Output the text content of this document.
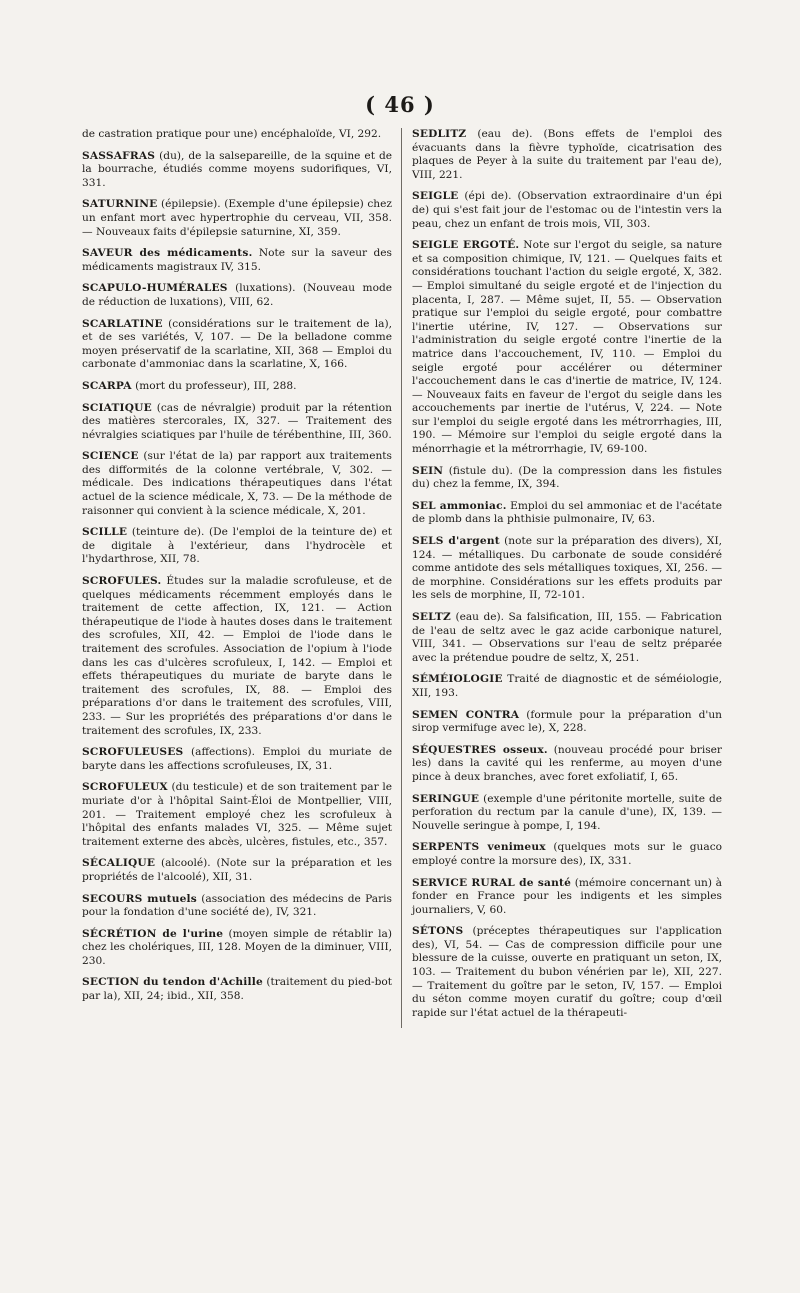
( 46 )

de castration pratique pour une) encéphaloïde, VI, 292.

SASSAFRAS (du), de la salsepareille, de la squine et de la bourrache, étudiés comme moyens sudorifiques, VI, 331.

SATURNINE (épilepsie). (Exemple d'une épilepsie) chez un enfant mort avec hypertrophie du cerveau, VII, 358. — Nouveaux faits d'épilepsie saturnine, XI, 359.

SAVEUR des médicaments. Note sur la saveur des médicaments magistraux IV, 315.

SCAPULO-HUMÉRALES (luxations). (Nouveau mode de réduction de luxations), VIII, 62.

SCARLATINE (considérations sur le traitement de la), et de ses variétés, V, 107. — De la belladone comme moyen préservatif de la scarlatine, XII, 368 — Emploi du carbonate d'ammoniac dans la scarlatine, X, 166.

SCARPA (mort du professeur), III, 288.

SCIATIQUE (cas de névralgie) produit par la rétention des matières stercorales, IX, 327. — Traitement des névralgies sciatiques par l'huile de térébenthine, III, 360.

SCIENCE (sur l'état de la) par rapport aux traitements des difformités de la colonne vertébrale, V, 302. — médicale. Des indications thérapeutiques dans l'état actuel de la science médicale, X, 73. — De la méthode de raisonner qui convient à la science médicale, X, 201.

SCILLE (teinture de). (De l'emploi de la teinture de) et de digitale à l'extérieur, dans l'hydrocèle et l'hydarthrose, XII, 78.

SCROFULES. Études sur la maladie scrofuleuse, et de quelques médicaments récemment employés dans le traitement de cette affection, IX, 121. — Action thérapeutique de l'iode à hautes doses dans le traitement des scrofules, XII, 42. — Emploi de l'iode dans le traitement des scrofules. Association de l'opium à l'iode dans les cas d'ulcères scrofuleux, I, 142. — Emploi et effets thérapeutiques du muriate de baryte dans le traitement des scrofules, IX, 88. — Emploi des préparations d'or dans le traitement des scrofules, VIII, 233. — Sur les propriétés des préparations d'or dans le traitement des scrofules, IX, 233.

SCROFULEUSES (affections). Emploi du muriate de baryte dans les affections scrofuleuses, IX, 31.

SCROFULEUX (du testicule) et de son traitement par le muriate d'or à l'hôpital Saint-Éloi de Montpellier, VIII, 201. — Traitement employé chez les scrofuleux à l'hôpital des enfants malades VI, 325. — Même sujet traitement externe des abcès, ulcères, fistules, etc., 357.

SÉCALIQUE (alcoolé). (Note sur la préparation et les propriétés de l'alcoolé), XII, 31.

SECOURS mutuels (association des médecins de Paris pour la fondation d'une société de), IV, 321.

SÉCRÉTION de l'urine (moyen simple de rétablir la) chez les cholériques, III, 128. Moyen de la diminuer, VIII, 230.

SECTION du tendon d'Achille (traitement du pied-bot par la), XII, 24; ibid., XII, 358.

SEDLITZ (eau de). (Bons effets de l'emploi des évacuants dans la fièvre typhoïde, cicatrisation des plaques de Peyer à la suite du traitement par l'eau de), VIII, 221.

SEIGLE (épi de). (Observation extraordinaire d'un épi de) qui s'est fait jour de l'estomac ou de l'intestin vers la peau, chez un enfant de trois mois, VII, 303.

SEIGLE ERGOTÉ. Note sur l'ergot du seigle, sa nature et sa composition chimique, IV, 121. — Quelques faits et considérations touchant l'action du seigle ergoté, X, 382. — Emploi simultané du seigle ergoté et de l'injection du placenta, I, 287. — Même sujet, II, 55. — Observation pratique sur l'emploi du seigle ergoté, pour combattre l'inertie utérine, IV, 127. — Observations sur l'administration du seigle ergoté contre l'inertie de la matrice dans l'accouchement, IV, 110. — Emploi du seigle ergoté pour accélérer ou déterminer l'accouchement dans le cas d'inertie de matrice, IV, 124. — Nouveaux faits en faveur de l'ergot du seigle dans les accouchements par inertie de l'utérus, V, 224. — Note sur l'emploi du seigle ergoté dans les métrorrhagies, III, 190. — Mémoire sur l'emploi du seigle ergoté dans la ménorrhagie et la métrorrhagie, IV, 69-100.

SEIN (fistule du). (De la compression dans les fistules du) chez la femme, IX, 394.

SEL ammoniac. Emploi du sel ammoniac et de l'acétate de plomb dans la phthisie pulmonaire, IV, 63.

SELS d'argent (note sur la préparation des divers), XI, 124. — métalliques. Du carbonate de soude considéré comme antidote des sels métalliques toxiques, XI, 256. — de morphine. Considérations sur les effets produits par les sels de morphine, II, 72-101.

SELTZ (eau de). Sa falsification, III, 155. — Fabrication de l'eau de seltz avec le gaz acide carbonique naturel, VIII, 341. — Observations sur l'eau de seltz préparée avec la prétendue poudre de seltz, X, 251.

SÉMÉIOLOGIE Traité de diagnostic et de séméiologie, XII, 193.

SEMEN CONTRA (formule pour la préparation d'un sirop vermifuge avec le), X, 228.

SÉQUESTRES osseux. (nouveau procédé pour briser les) dans la cavité qui les renferme, au moyen d'une pince à deux branches, avec foret exfoliatif, I, 65.

SERINGUE (exemple d'une péritonite mortelle, suite de perforation du rectum par la canule d'une), IX, 139. — Nouvelle seringue à pompe, I, 194.

SERPENTS venimeux (quelques mots sur le guaco employé contre la morsure des), IX, 331.

SERVICE RURAL de santé (mémoire concernant un) à fonder en France pour les indigents et les simples journaliers, V, 60.

SÉTONS (préceptes thérapeutiques sur l'application des), VI, 54. — Cas de compression difficile pour une blessure de la cuisse, ouverte en pratiquant un seton, IX, 103. — Traitement du bubon vénérien par le), XII, 227. — Traitement du goître par le seton, IV, 157. — Emploi du séton comme moyen curatif du goître; coup d'œil rapide sur l'état actuel de la thérapeuti-
